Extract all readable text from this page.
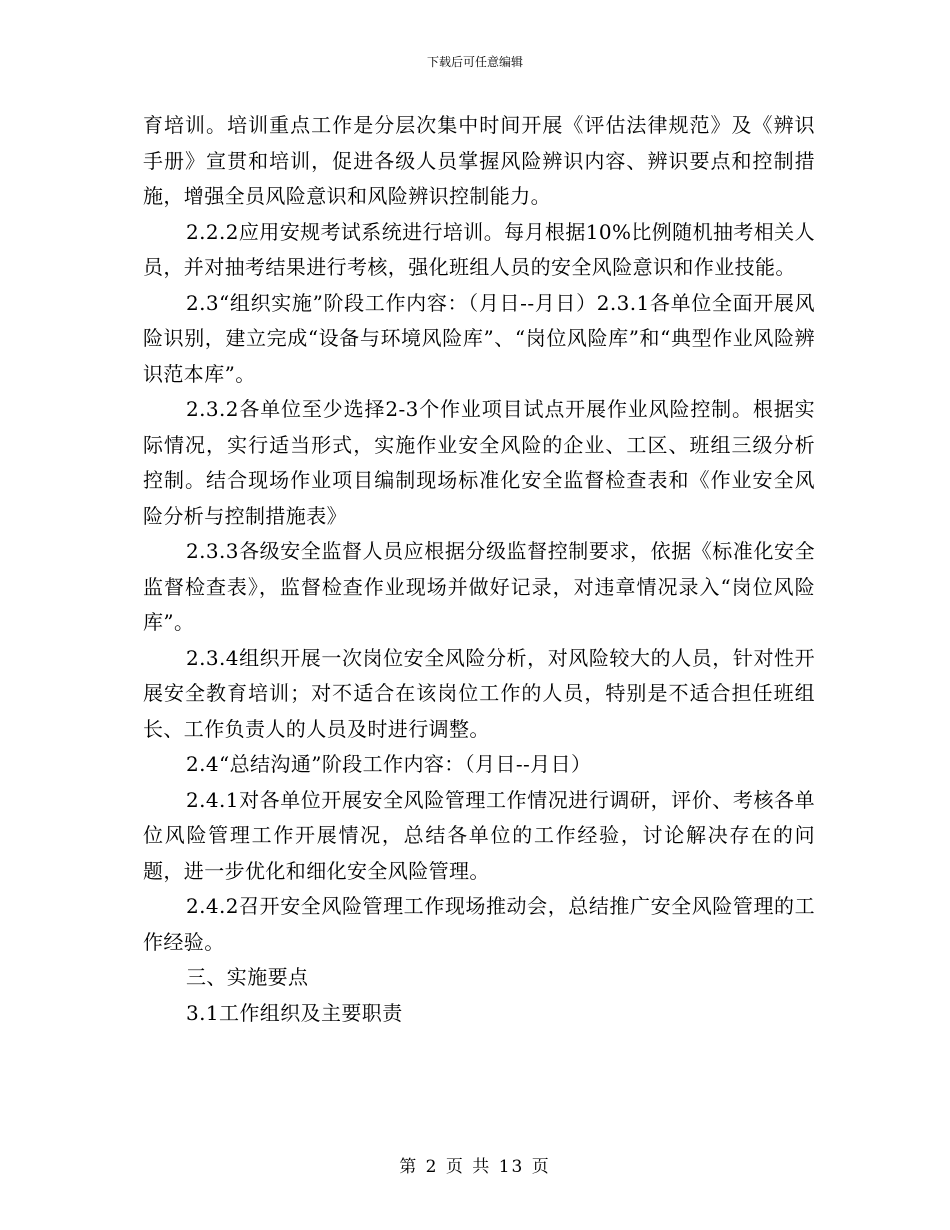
下载后可任意编辑

育培训。培训重点工作是分层次集中时间开展《评估法律规范》及《辨识手册》宣贯和培训，促进各级人员掌握风险辨识内容、辨识要点和控制措施，增强全员风险意识和风险辨识控制能力。

2.2.2应用安规考试系统进行培训。每月根据10%比例随机抽考相关人员，并对抽考结果进行考核，强化班组人员的安全风险意识和作业技能。

2.3“组织实施”阶段工作内容：（月日--月日）2.3.1各单位全面开展风险识别，建立完成“设备与环境风险库”、“岗位风险库”和“典型作业风险辨识范本库”。

2.3.2各单位至少选择2-3个作业项目试点开展作业风险控制。根据实际情况，实行适当形式，实施作业安全风险的企业、工区、班组三级分析控制。结合现场作业项目编制现场标准化安全监督检查表和《作业安全风险分析与控制措施表》

2.3.3各级安全监督人员应根据分级监督控制要求，依据《标准化安全监督检查表》，监督检查作业现场并做好记录，对违章情况录入“岗位风险库”。

2.3.4组织开展一次岗位安全风险分析，对风险较大的人员，针对性开展安全教育培训；对不适合在该岗位工作的人员，特别是不适合担任班组长、工作负责人的人员及时进行调整。

2.4“总结沟通”阶段工作内容：（月日--月日）

2.4.1对各单位开展安全风险管理工作情况进行调研，评价、考核各单位风险管理工作开展情况，总结各单位的工作经验，讨论解决存在的问题，进一步优化和细化安全风险管理。

2.4.2召开安全风险管理工作现场推动会，总结推广安全风险管理的工作经验。

三、实施要点

3.1工作组织及主要职责

第 2 页 共 13 页
